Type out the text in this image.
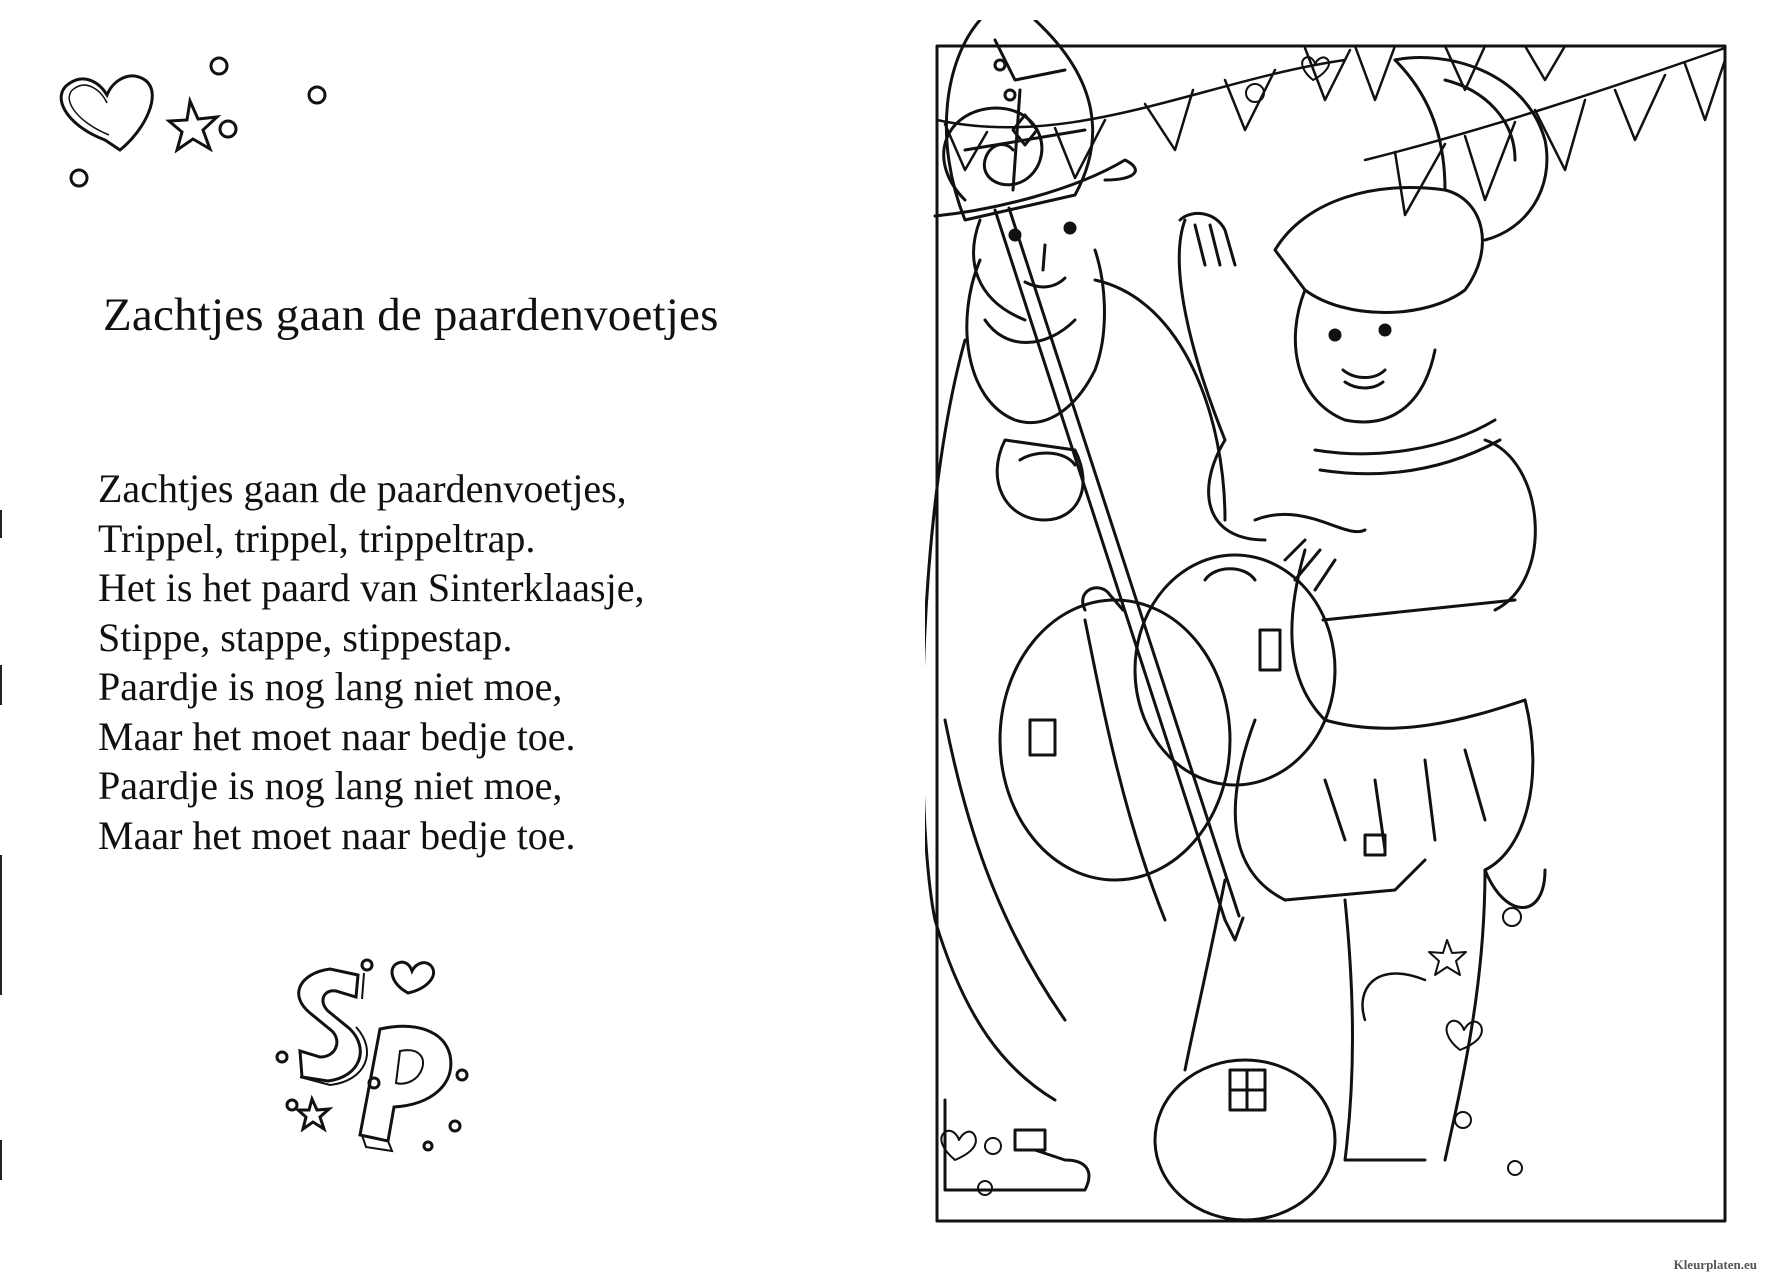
Zachtjes gaan de paardenvoetjes
Zachtjes gaan de paardenvoetjes,
Trippel, trippel, trippeltrap.
Het is het paard van Sinterklaasje,
Stippe, stappe, stippestap.
Paardje is nog lang niet moe,
Maar het moet naar bedje toe.
Paardje is nog lang niet moe,
Maar het moet naar bedje toe.
Kleurplaten.eu
